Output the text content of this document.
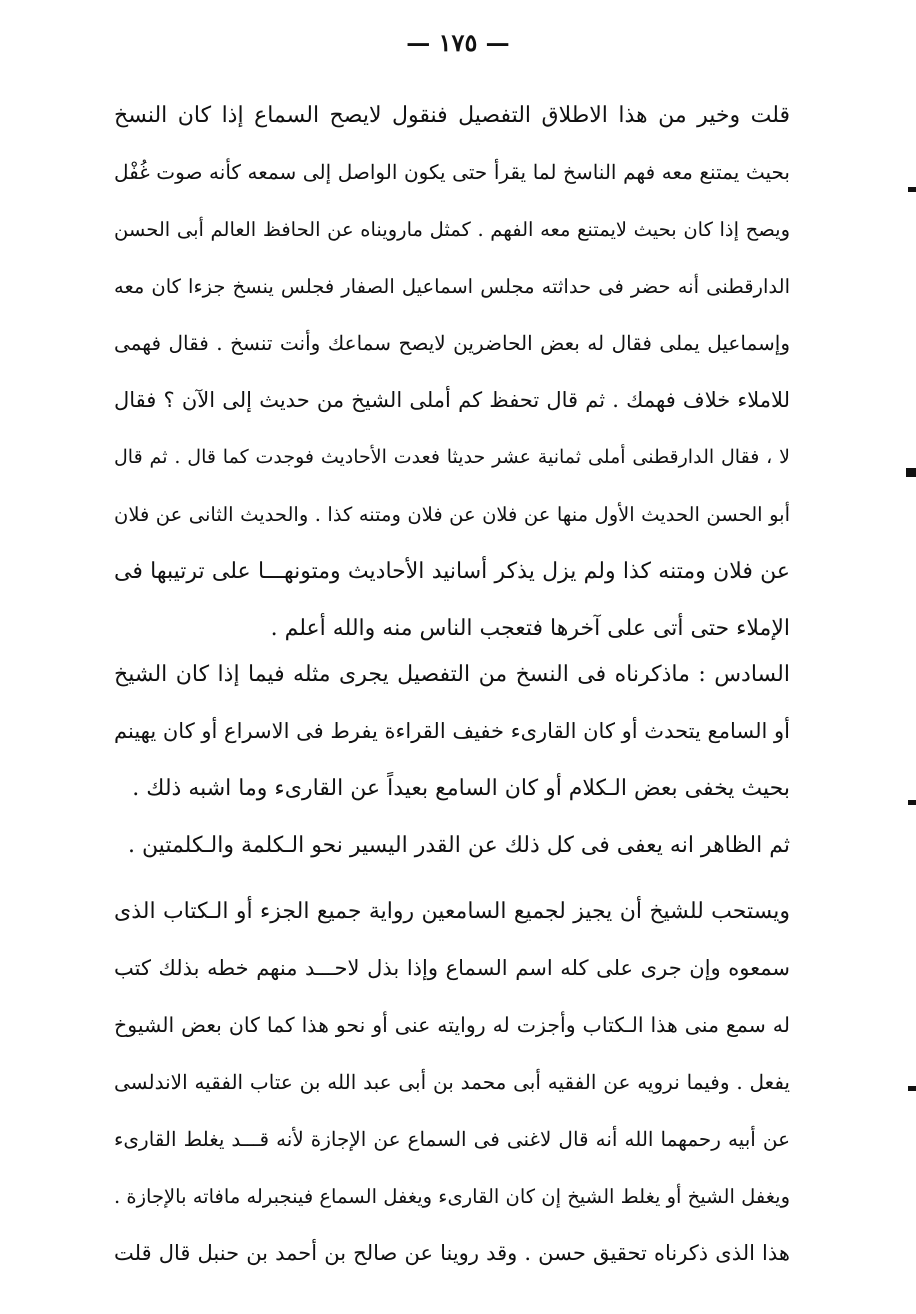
— ١٧٥ —
قلت وخير من هذا الاطلاق التفصيل فنقول لايصح السماع إذا كان النسخ
بحيث يمتنع معه فهم الناسخ لما يقرأ حتى يكون الواصل إلى سمعه كأنه صوت غُفْل
ويصح إذا كان بحيث لايمتنع معه الفهم . كمثل مارويناه عن الحافظ العالم أبى الحسن
الدارقطنى أنه حضر فى حداثته مجلس اسماعيل الصفار فجلس ينسخ جزءا كان معه
وإسماعيل يملى فقال له بعض الحاضرين لايصح سماعك وأنت تنسخ . فقال فهمى
للاملاء خلاف فهمك . ثم قال تحفظ كم أملى الشيخ من حديث إلى الآن ؟ فقال
لا ، فقال الدارقطنى أملى ثمانية عشر حديثا فعدت الأحاديث فوجدت كما قال . ثم قال
أبو الحسن الحديث الأول منها عن فلان عن فلان ومتنه كذا . والحديث الثانى عن فلان
عن فلان ومتنه كذا ولم يزل يذكر أسانيد الأحاديث ومتونهـــا على ترتيبها فى
الإملاء حتى أتى على آخرها فتعجب الناس منه والله أعلم .
السادس : ماذكرناه فى النسخ من التفصيل يجرى مثله فيما إذا كان الشيخ
أو السامع يتحدث أو كان القارىء خفيف القراءة يفرط فى الاسراع أو كان يهينم
بحيث يخفى بعض الـكلام أو كان السامع بعيداً عن القارىء وما اشبه ذلك .
ثم الظاهر انه يعفى فى كل ذلك عن القدر اليسير نحو الـكلمة والـكلمتين .
ويستحب للشيخ أن يجيز لجميع السامعين رواية جميع الجزء أو الـكتاب الذى
سمعوه وإن جرى على كله اسم السماع وإذا بذل لاحـــد منهم خطه بذلك كتب
له سمع منى هذا الـكتاب وأجزت له روايته عنى أو نحو هذا كما كان بعض الشيوخ
يفعل . وفيما نرويه عن الفقيه أبى محمد بن أبى عبد الله بن عتاب الفقيه الاندلسى
عن أبيه رحمهما الله أنه قال لاغنى فى السماع عن الإجازة لأنه قـــد يغلط القارىء
ويغفل الشيخ أو يغلط الشيخ إن كان القارىء ويغفل السماع فينجبرله مافاته بالإجازة .
هذا الذى ذكرناه تحقيق حسن . وقد روينا عن صالح بن أحمد بن حنبل قال قلت
